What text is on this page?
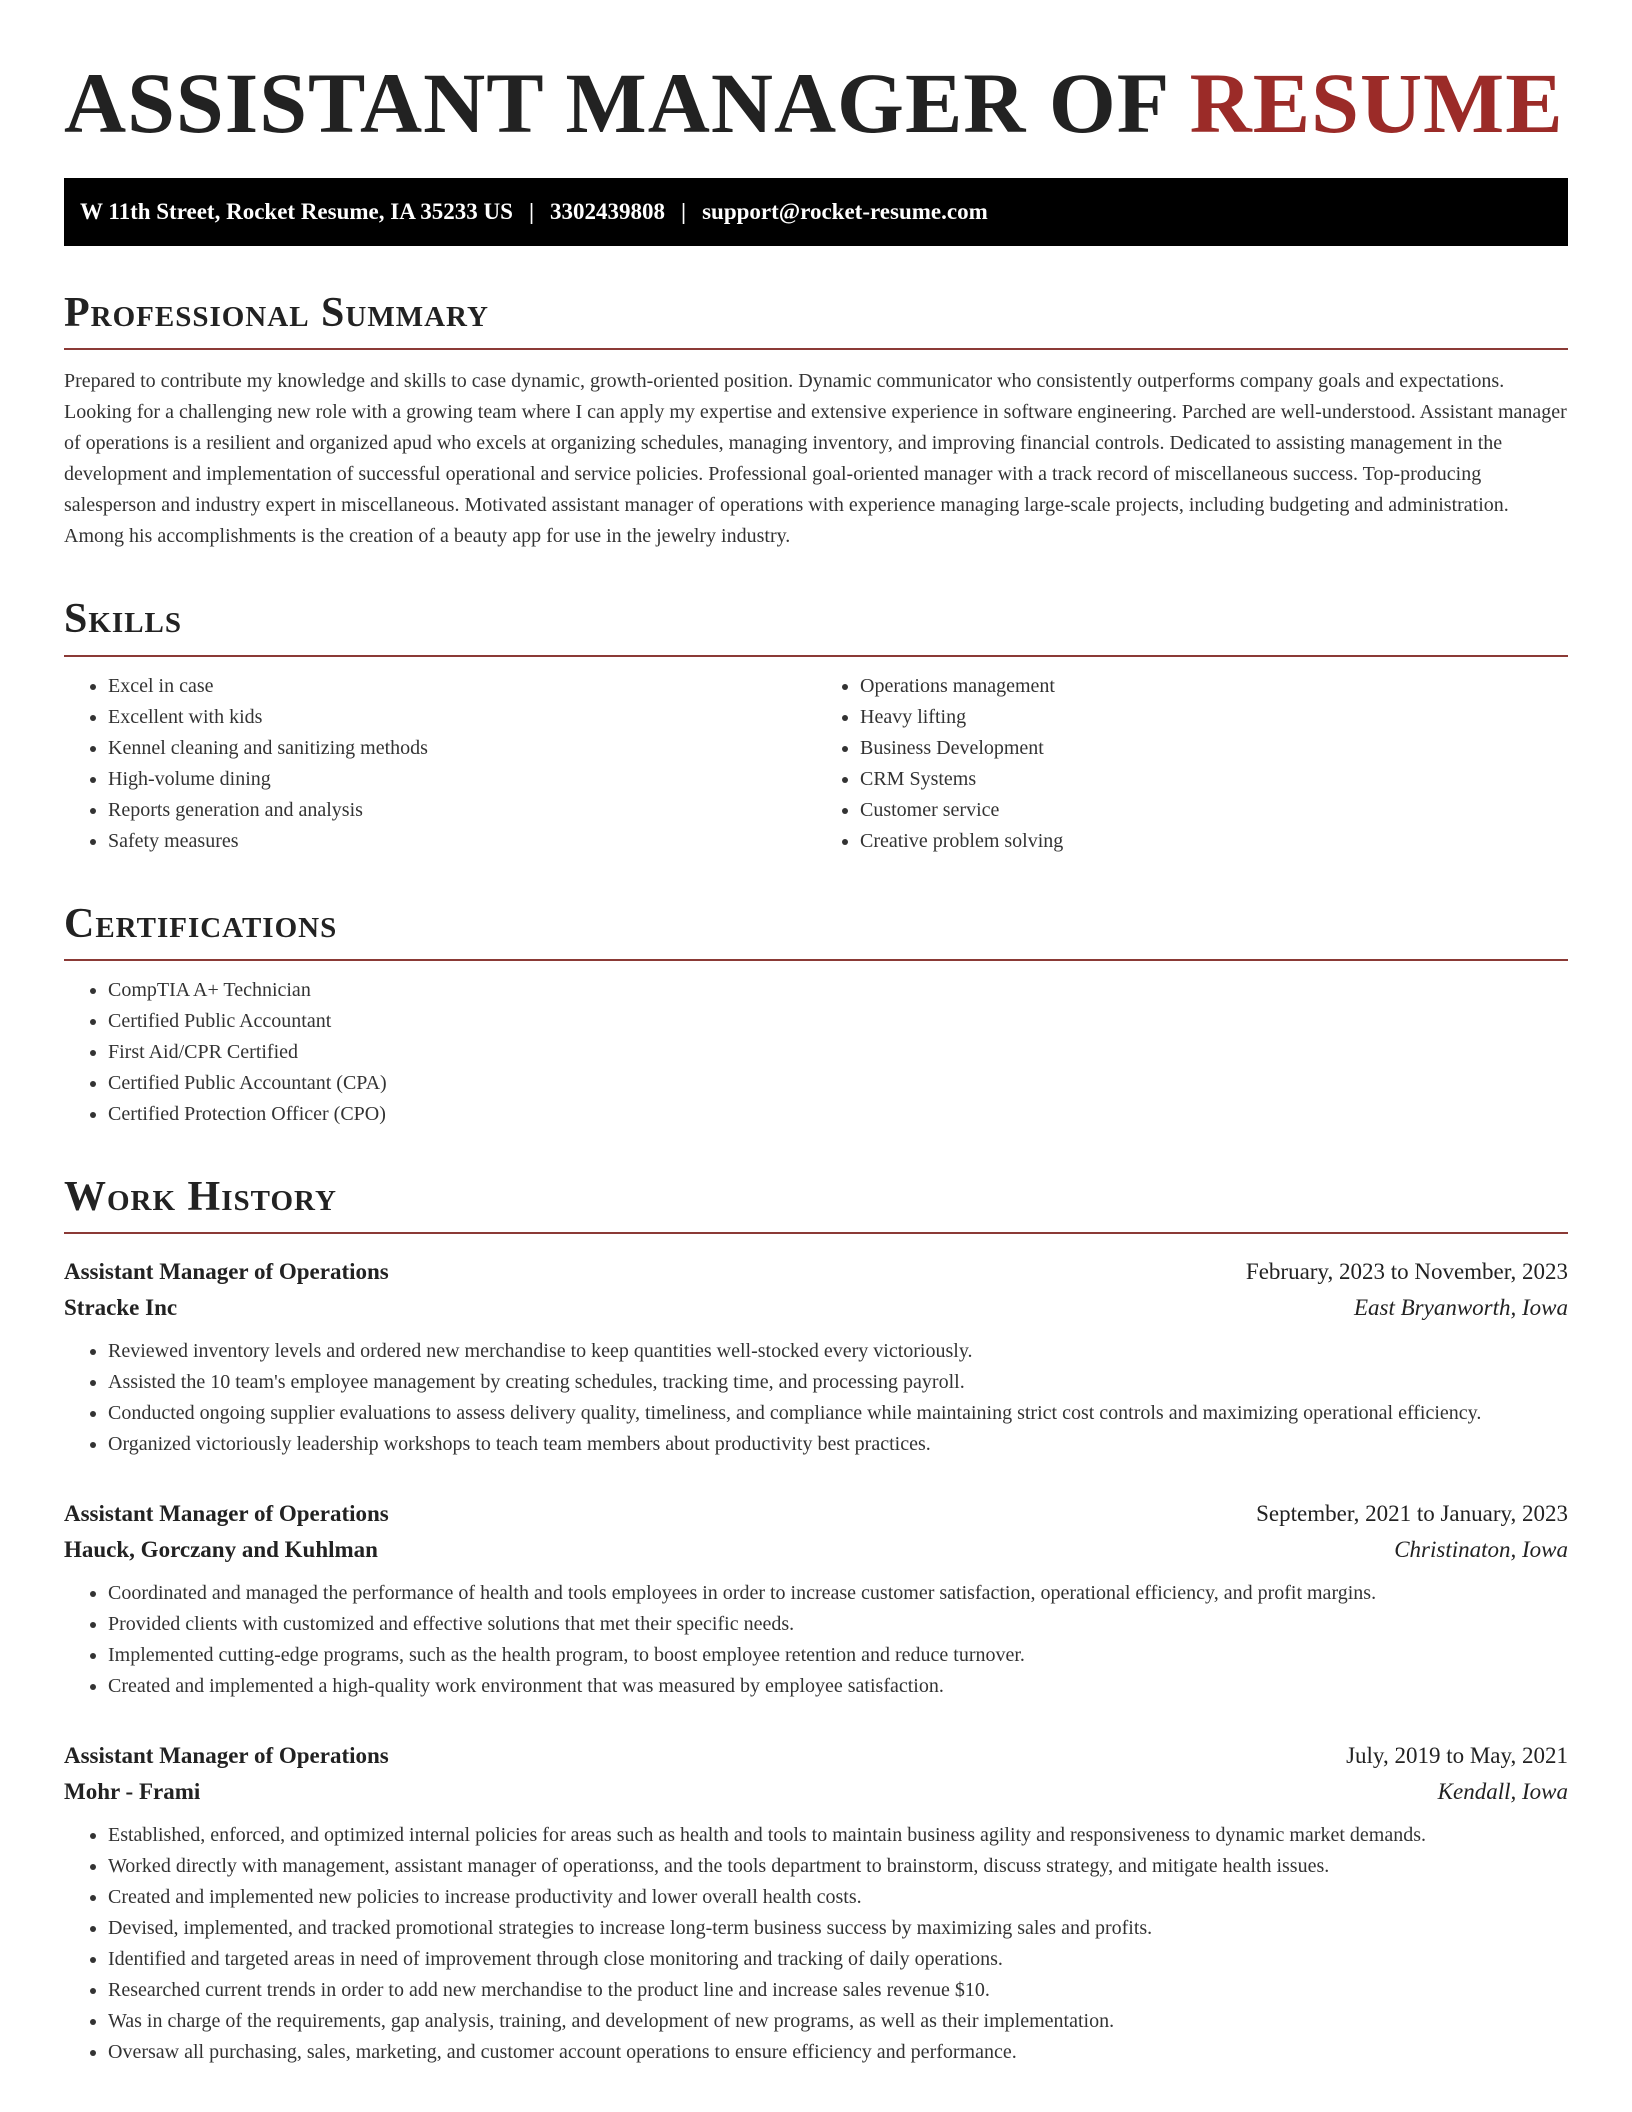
ASSISTANT MANAGER OF RESUME
W 11th Street, Rocket Resume, IA 35233 US | 3302439808 | support@rocket-resume.com
Professional Summary

Prepared to contribute my knowledge and skills to case dynamic, growth-oriented position. Dynamic communicator who consistently outperforms company goals and expectations. Looking for a challenging new role with a growing team where I can apply my expertise and extensive experience in software engineering. Parched are well-understood. Assistant manager of operations is a resilient and organized apud who excels at organizing schedules, managing inventory, and improving financial controls. Dedicated to assisting management in the development and implementation of successful operational and service policies. Professional goal-oriented manager with a track record of miscellaneous success. Top-producing salesperson and industry expert in miscellaneous. Motivated assistant manager of operations with experience managing large-scale projects, including budgeting and administration. Among his accomplishments is the creation of a beauty app for use in the jewelry industry.

Skills
• Excel in case
• Excellent with kids
• Kennel cleaning and sanitizing methods
• High-volume dining
• Reports generation and analysis
• Safety measures
• Operations management
• Heavy lifting
• Business Development
• CRM Systems
• Customer service
• Creative problem solving
Certifications
• CompTIA A+ Technician
• Certified Public Accountant
• First Aid/CPR Certified
• Certified Public Accountant (CPA)
• Certified Protection Officer (CPO)
Work History
Assistant Manager of Operations	February, 2023 to November, 2023
Stracke Inc	East Bryanworth, Iowa
• Reviewed inventory levels and ordered new merchandise to keep quantities well-stocked every victoriously.
• Assisted the 10 team's employee management by creating schedules, tracking time, and processing payroll.
• Conducted ongoing supplier evaluations to assess delivery quality, timeliness, and compliance while maintaining strict cost controls and maximizing operational efficiency.
• Organized victoriously leadership workshops to teach team members about productivity best practices.
Assistant Manager of Operations	September, 2021 to January, 2023
Hauck, Gorczany and Kuhlman	Christinaton, Iowa
• Coordinated and managed the performance of health and tools employees in order to increase customer satisfaction, operational efficiency, and profit margins.
• Provided clients with customized and effective solutions that met their specific needs.
• Implemented cutting-edge programs, such as the health program, to boost employee retention and reduce turnover.
• Created and implemented a high-quality work environment that was measured by employee satisfaction.
Assistant Manager of Operations	July, 2019 to May, 2021
Mohr - Frami	Kendall, Iowa
• Established, enforced, and optimized internal policies for areas such as health and tools to maintain business agility and responsiveness to dynamic market demands.
• Worked directly with management, assistant manager of operationss, and the tools department to brainstorm, discuss strategy, and mitigate health issues.
• Created and implemented new policies to increase productivity and lower overall health costs.
• Devised, implemented, and tracked promotional strategies to increase long-term business success by maximizing sales and profits.
• Identified and targeted areas in need of improvement through close monitoring and tracking of daily operations.
• Researched current trends in order to add new merchandise to the product line and increase sales revenue $10.
• Was in charge of the requirements, gap analysis, training, and development of new programs, as well as their implementation.
• Oversaw all purchasing, sales, marketing, and customer account operations to ensure efficiency and performance.
